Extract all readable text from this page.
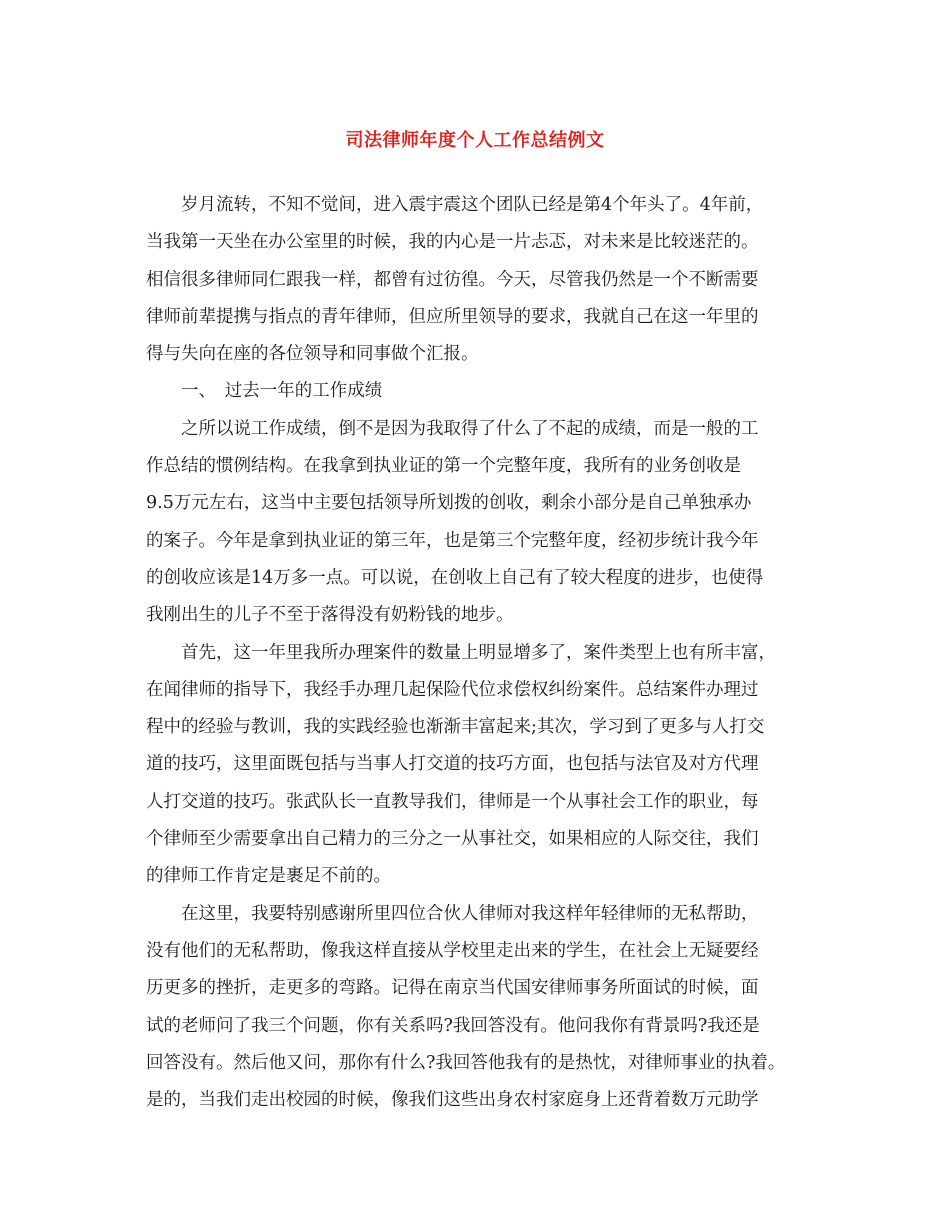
司法律师年度个人工作总结例文
　　岁月流转，不知不觉间，进入震宇震这个团队已经是第4个年头了。4年前，
当我第一天坐在办公室里的时候，我的内心是一片忐忑，对未来是比较迷茫的。
相信很多律师同仁跟我一样，都曾有过彷徨。今天，尽管我仍然是一个不断需要
律师前辈提携与指点的青年律师，但应所里领导的要求，我就自己在这一年里的
得与失向在座的各位领导和同事做个汇报。
　　一、　过去一年的工作成绩
　　之所以说工作成绩，倒不是因为我取得了什么了不起的成绩，而是一般的工
作总结的惯例结构。在我拿到执业证的第一个完整年度，我所有的业务创收是
9.5万元左右，这当中主要包括领导所划拨的创收，剩余小部分是自己单独承办
的案子。今年是拿到执业证的第三年，也是第三个完整年度，经初步统计我今年
的创收应该是14万多一点。可以说，在创收上自己有了较大程度的进步，也使得
我刚出生的儿子不至于落得没有奶粉钱的地步。
　　首先，这一年里我所办理案件的数量上明显增多了，案件类型上也有所丰富，
在闻律师的指导下，我经手办理几起保险代位求偿权纠纷案件。总结案件办理过
程中的经验与教训，我的实践经验也渐渐丰富起来;其次，学习到了更多与人打交
道的技巧，这里面既包括与当事人打交道的技巧方面，也包括与法官及对方代理
人打交道的技巧。张武队长一直教导我们，律师是一个从事社会工作的职业，每
个律师至少需要拿出自己精力的三分之一从事社交，如果相应的人际交往，我们
的律师工作肯定是裹足不前的。
　　在这里，我要特别感谢所里四位合伙人律师对我这样年轻律师的无私帮助，
没有他们的无私帮助，像我这样直接从学校里走出来的学生，在社会上无疑要经
历更多的挫折，走更多的弯路。记得在南京当代国安律师事务所面试的时候，面
试的老师问了我三个问题，你有关系吗?我回答没有。他问我你有背景吗?我还是
回答没有。然后他又问，那你有什么?我回答他我有的是热忱，对律师事业的执着。
是的，当我们走出校园的时候，像我们这些出身农村家庭身上还背着数万元助学
